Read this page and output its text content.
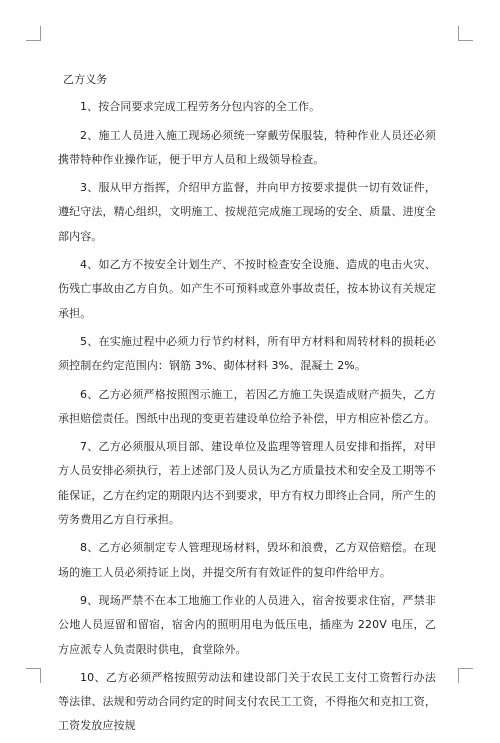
乙方义务

1、按合同要求完成工程劳务分包内容的全工作。

2、施工人员进入施工现场必须统一穿戴劳保服装，特种作业人员还必须携带特种作业操作证，便于甲方人员和上级领导检查。

3、服从甲方指挥，介绍甲方监督，并向甲方按要求提供一切有效证件，遵纪守法，精心组织，文明施工、按规范完成施工现场的安全、质量、进度全部内容。

4、如乙方不按安全计划生产、不按时检查安全设施、造成的电击火灾、伤残亡事故由乙方自负。如产生不可预料或意外事故责任，按本协议有关规定承担。

5、在实施过程中必须力行节约材料，所有甲方材料和周转材料的损耗必须控制在约定范围内：钢筋 3%、砌体材料 3%、混凝土 2%。

6、乙方必须严格按照图示施工，若因乙方施工失误造成财产损失，乙方承担赔偿责任。图纸中出现的变更若建设单位给予补偿，甲方相应补偿乙方。

7、乙方必须服从项目部、建设单位及监理等管理人员安排和指挥，对甲方人员安排必须执行，若上述部门及人员认为乙方质量技术和安全及工期等不能保证，乙方在约定的期限内达不到要求，甲方有权力即终止合同，所产生的劳务费用乙方自行承担。

8、乙方必须制定专人管理现场材料，毁坏和浪费，乙方双倍赔偿。在现场的施工人员必须持证上岗，并提交所有有效证件的复印件给甲方。

9、现场严禁不在本工地施工作业的人员进入，宿舍按要求住宿，严禁非公地人员逗留和留宿，宿舍内的照明用电为低压电，插座为 220V 电压，乙方应派专人负责限时供电，食堂除外。

10、乙方必须严格按照劳动法和建设部门关于农民工支付工资暂行办法等法律、法规和劳动合同约定的时间支付农民工工资，不得拖欠和克扣工资，工资发放应按规
